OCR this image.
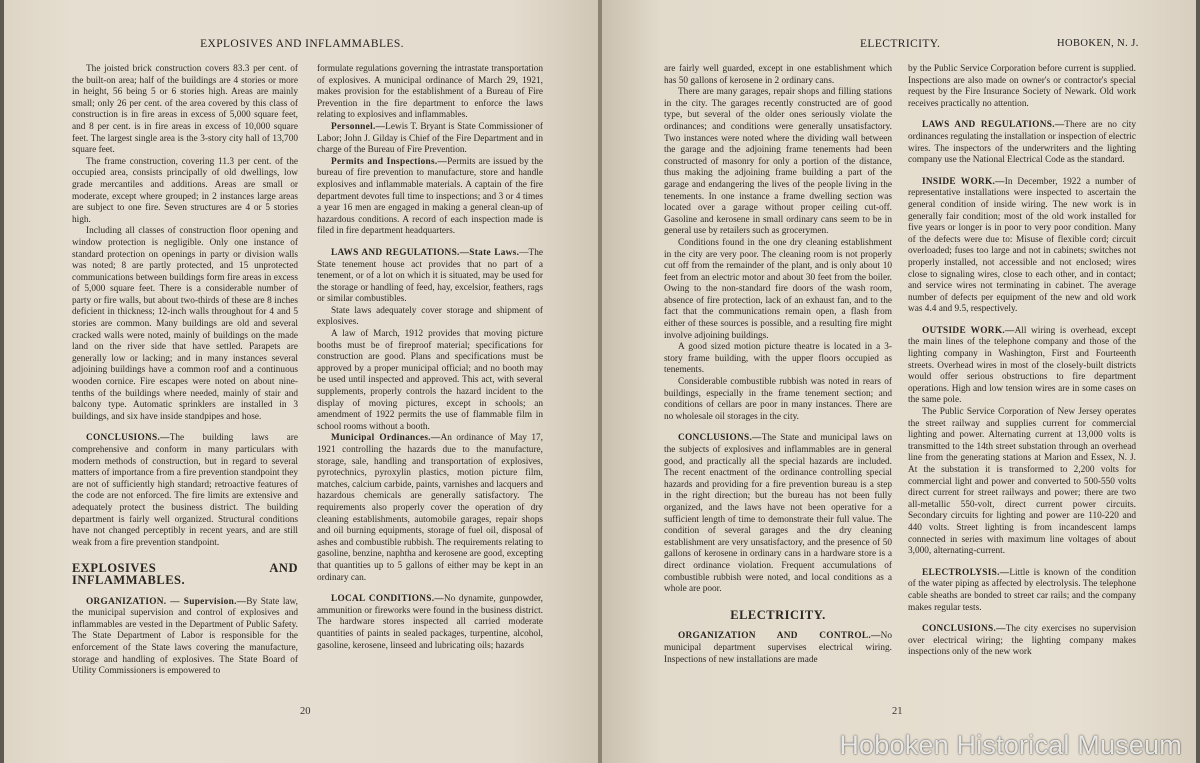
EXPLOSIVES AND INFLAMMABLES.

The joisted brick construction covers 83.3 per cent. of the built-on area; half of the buildings are 4 stories or more in height, 56 being 5 or 6 stories high. Areas are mainly small; only 26 per cent. of the area covered by this class of construction is in fire areas in excess of 5,000 square feet, and 8 per cent. is in fire areas in excess of 10,000 square feet. The largest single area is the 3-story city hall of 13,700 square feet.

The frame construction, covering 11.3 per cent. of the occupied area, consists principally of old dwellings, low grade mercantiles and additions. Areas are small or moderate, except where grouped; in 2 instances large areas are subject to one fire. Seven structures are 4 or 5 stories high.

Including all classes of construction floor opening and window protection is negligible. Only one instance of standard protection on openings in party or division walls was noted; 8 are partly protected, and 15 unprotected communications between buildings form fire areas in excess of 5,000 square feet. There is a considerable number of party or fire walls, but about two-thirds of these are 8 inches deficient in thickness; 12-inch walls throughout for 4 and 5 stories are common. Many buildings are old and several cracked walls were noted, mainly of buildings on the made land on the river side that have settled. Parapets are generally low or lacking; and in many instances several adjoining buildings have a common roof and a continuous wooden cornice. Fire escapes were noted on about nine-tenths of the buildings where needed, mainly of stair and balcony type. Automatic sprinklers are installed in 3 buildings, and six have inside standpipes and hose.

CONCLUSIONS.—The building laws are comprehensive and conform in many particulars with modern methods of construction, but in regard to several matters of importance from a fire prevention standpoint they are not of sufficiently high standard; retroactive features of the code are not enforced. The fire limits are extensive and adequately protect the business district. The building department is fairly well organized. Structural conditions have not changed perceptibly in recent years, and are still weak from a fire prevention standpoint.

EXPLOSIVES AND INFLAMMABLES.

ORGANIZATION. — Supervision.—By State law, the municipal supervision and control of explosives and inflammables are vested in the Department of Public Safety. The State Department of Labor is responsible for the enforcement of the State laws covering the manufacture, storage and handling of explosives. The State Board of Utility Commissioners is empowered to

formulate regulations governing the intrastate transportation of explosives. A municipal ordinance of March 29, 1921, makes provision for the establishment of a Bureau of Fire Prevention in the fire department to enforce the laws relating to explosives and inflammables.

Personnel.—Lewis T. Bryant is State Commissioner of Labor; John J. Gilday is Chief of the Fire Department and in charge of the Bureau of Fire Prevention.

Permits and Inspections.—Permits are issued by the bureau of fire prevention to manufacture, store and handle explosives and inflammable materials. A captain of the fire department devotes full time to inspections; and 3 or 4 times a year 16 men are engaged in making a general clean-up of hazardous conditions. A record of each inspection made is filed in fire department headquarters.

LAWS AND REGULATIONS.—State Laws.—The State tenement house act provides that no part of a tenement, or of a lot on which it is situated, may be used for the storage or handling of feed, hay, excelsior, feathers, rags or similar combustibles.

State laws adequately cover storage and shipment of explosives.

A law of March, 1912 provides that moving picture booths must be of fireproof material; specifications for construction are good. Plans and specifications must be approved by a proper municipal official; and no booth may be used until inspected and approved. This act, with several supplements, properly controls the hazard incident to the display of moving pictures, except in schools; an amendment of 1922 permits the use of flammable film in school rooms without a booth.

Municipal Ordinances.—An ordinance of May 17, 1921 controlling the hazards due to the manufacture, storage, sale, handling and transportation of explosives, pyrotechnics, pyroxylin plastics, motion picture film, matches, calcium carbide, paints, varnishes and lacquers and hazardous chemicals are generally satisfactory. The requirements also properly cover the operation of dry cleaning establishments, automobile garages, repair shops and oil burning equipments, storage of fuel oil, disposal of ashes and combustible rubbish. The requirements relating to gasoline, benzine, naphtha and kerosene are good, excepting that quantities up to 5 gallons of either may be kept in an ordinary can.

LOCAL CONDITIONS.—No dynamite, gunpowder, ammunition or fireworks were found in the business district. The hardware stores inspected all carried moderate quantities of paints in sealed packages, turpentine, alcohol, gasoline, kerosene, linseed and lubricating oils; hazards

20
ELECTRICITY.	HOBOKEN, N. J.

are fairly well guarded, except in one establishment which has 50 gallons of kerosene in 2 ordinary cans.

There are many garages, repair shops and filling stations in the city. The garages recently constructed are of good type, but several of the older ones seriously violate the ordinances; and conditions were generally unsatisfactory. Two instances were noted where the dividing wall between the garage and the adjoining frame tenements had been constructed of masonry for only a portion of the distance, thus making the adjoining frame building a part of the garage and endangering the lives of the people living in the tenements. In one instance a frame dwelling section was located over a garage without proper ceiling cut-off. Gasoline and kerosene in small ordinary cans seem to be in general use by retailers such as grocerymen.

Conditions found in the one dry cleaning establishment in the city are very poor. The cleaning room is not properly cut off from the remainder of the plant, and is only about 10 feet from an electric motor and about 30 feet from the boiler. Owing to the non-standard fire doors of the wash room, absence of fire protection, lack of an exhaust fan, and to the fact that the communications remain open, a flash from either of these sources is possible, and a resulting fire might involve adjoining buildings.

A good sized motion picture theatre is located in a 3-story frame building, with the upper floors occupied as tenements.

Considerable combustible rubbish was noted in rears of buildings, especially in the frame tenement section; and conditions of cellars are poor in many instances. There are no wholesale oil storages in the city.

CONCLUSIONS.—The State and municipal laws on the subjects of explosives and inflammables are in general good, and practically all the special hazards are included. The recent enactment of the ordinance controlling special hazards and providing for a fire prevention bureau is a step in the right direction; but the bureau has not been fully organized, and the laws have not been operative for a sufficient length of time to demonstrate their full value. The condition of several garages and the dry cleaning establishment are very unsatisfactory, and the presence of 50 gallons of kerosene in ordinary cans in a hardware store is a direct ordinance violation. Frequent accumulations of combustible rubbish were noted, and local conditions as a whole are poor.

ELECTRICITY.

ORGANIZATION AND CONTROL.—No municipal department supervises electrical wiring. Inspections of new installations are made

by the Public Service Corporation before current is supplied. Inspections are also made on owner's or contractor's special request by the Fire Insurance Society of Newark. Old work receives practically no attention.

LAWS AND REGULATIONS.—There are no city ordinances regulating the installation or inspection of electric wires. The inspectors of the underwriters and the lighting company use the National Electrical Code as the standard.

INSIDE WORK.—In December, 1922 a number of representative installations were inspected to ascertain the general condition of inside wiring. The new work is in generally fair condition; most of the old work installed for five years or longer is in poor to very poor condition. Many of the defects were due to: Misuse of flexible cord; circuit overloaded; fuses too large and not in cabinets; switches not properly installed, not accessible and not enclosed; wires close to signaling wires, close to each other, and in contact; and service wires not terminating in cabinet. The average number of defects per equipment of the new and old work was 4.4 and 9.5, respectively.

OUTSIDE WORK.—All wiring is overhead, except the main lines of the telephone company and those of the lighting company in Washington, First and Fourteenth streets. Overhead wires in most of the closely-built districts would offer serious obstructions to fire department operations. High and low tension wires are in some cases on the same pole.

The Public Service Corporation of New Jersey operates the street railway and supplies current for commercial lighting and power. Alternating current at 13,000 volts is transmitted to the 14th street substation through an overhead line from the generating stations at Marion and Essex, N. J. At the substation it is transformed to 2,200 volts for commercial light and power and converted to 500-550 volts direct current for street railways and power; there are two all-metallic 550-volt, direct current power circuits. Secondary circuits for lighting and power are 110-220 and 440 volts. Street lighting is from incandescent lamps connected in series with maximum line voltages of about 3,000, alternating-current.

ELECTROLYSIS.—Little is known of the condition of the water piping as affected by electrolysis. The telephone cable sheaths are bonded to street car rails; and the company makes regular tests.

CONCLUSIONS.—The city exercises no supervision over electrical wiring; the lighting company makes inspections only of the new work

21
Hoboken Historical Museum
